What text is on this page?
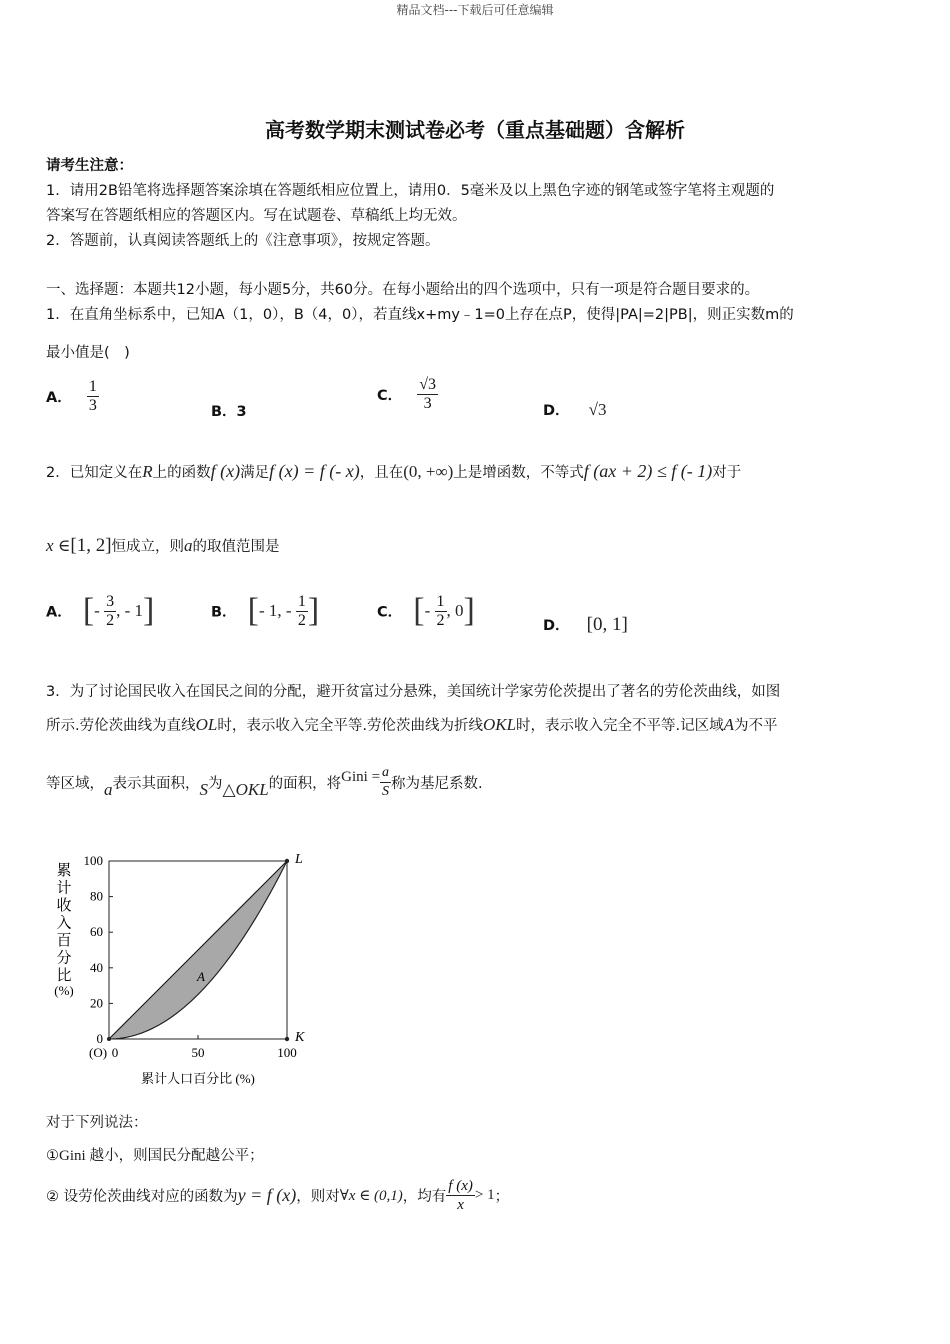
精品文档---下载后可任意编辑
高考数学期末测试卷必考（重点基础题）含解析
请考生注意：
1．请用2B铅笔将选择题答案涂填在答题纸相应位置上，请用0．5毫米及以上黑色字迹的钢笔或签字笔将主观题的
答案写在答题纸相应的答题区内。写在试题卷、草稿纸上均无效。
2．答题前，认真阅读答题纸上的《注意事项》，按规定答题。
一、选择题：本题共12小题，每小题5分，共60分。在每小题给出的四个选项中，只有一项是符合题目要求的。
1．在直角坐标系中，已知A（1，0），B（4，0），若直线x+my﹣1=0上存在点P，使得|PA|=2|PB|，则正实数m的
最小值是(　)
A． $\frac{1}{3}$	B．3
C． $\frac{√3}{3}$	D． √3
2．已知定义在R上的函数f (x)满足f (x) = f (- x)，且在(0, +∞)上是增函数，不等式f (ax + 2) ≤ f (- 1)对于
x ∈[1, 2]恒成立，则a的取值范围是
A． [- $\frac{3}{2}$ , - 1]	B． [- 1, - $\frac{1}{2}$ ]	C． [- $\frac{1}{2}$ , 0]	D． [0, 1]
3．为了讨论国民收入在国民之间的分配，避开贫富过分悬殊，美国统计学家劳伦茨提出了著名的劳伦茨曲线，如图
所示.劳伦茨曲线为直线OL时，表示收入完全平等.劳伦茨曲线为折线OKL时，表示收入完全不平等.记区域A为不平
等区域，a表示其面积，S为△OKL的面积，将Gini = $\frac{a}{S}$ 称为基尼系数.
累
计
收
入
百
分
比
(%)
0
20
40
60
80
100
0	50	100
L
K
A
(O)
累计人口百分比 (%)
对于下列说法：
①Gini 越小，则国民分配越公平；
② 设劳伦茨曲线对应的函数为y = f (x)，则对∀x ∈ (0,1)，均有 $\frac{f (x)}{x} > 1$；
